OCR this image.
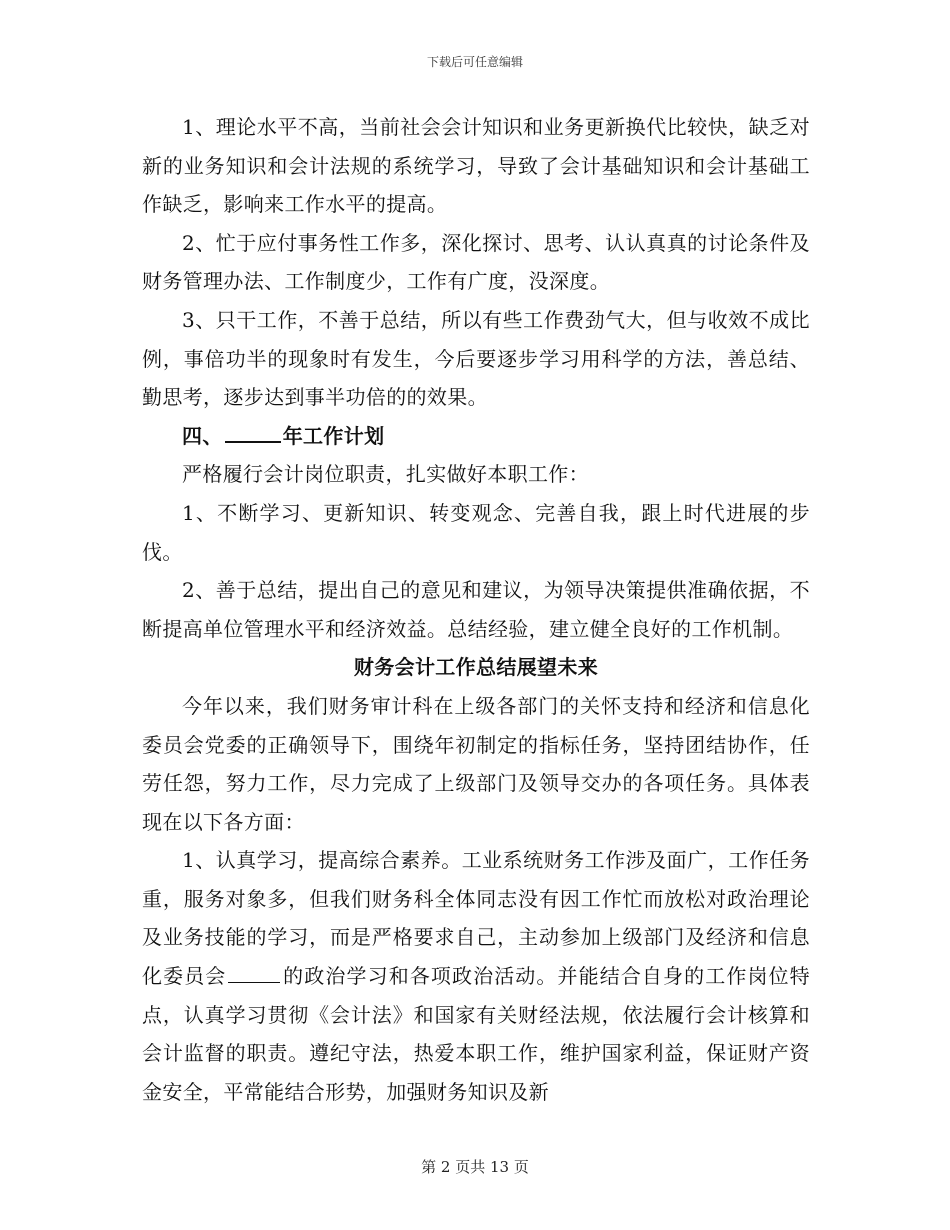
下载后可任意编辑

1、理论水平不高，当前社会会计知识和业务更新换代比较快，缺乏对新的业务知识和会计法规的系统学习，导致了会计基础知识和会计基础工作缺乏，影响来工作水平的提高。

2、忙于应付事务性工作多，深化探讨、思考、认认真真的讨论条件及财务管理办法、工作制度少，工作有广度，没深度。

3、只干工作，不善于总结，所以有些工作费劲气大，但与收效不成比例，事倍功半的现象时有发生，今后要逐步学习用科学的方法，善总结、勤思考，逐步达到事半功倍的的效果。

四、	年工作计划

严格履行会计岗位职责，扎实做好本职工作：

1、不断学习、更新知识、转变观念、完善自我，跟上时代进展的步伐。

2、善于总结，提出自己的意见和建议，为领导决策提供准确依据，不断提高单位管理水平和经济效益。总结经验，建立健全良好的工作机制。

财务会计工作总结展望未来

今年以来，我们财务审计科在上级各部门的关怀支持和经济和信息化委员会党委的正确领导下，围绕年初制定的指标任务，坚持团结协作，任劳任怨，努力工作，尽力完成了上级部门及领导交办的各项任务。具体表现在以下各方面：

1、认真学习，提高综合素养。工业系统财务工作涉及面广，工作任务重，服务对象多，但我们财务科全体同志没有因工作忙而放松对政治理论及业务技能的学习，而是严格要求自己，主动参加上级部门及经济和信息化委员会	的政治学习和各项政治活动。并能结合自身的工作岗位特点，认真学习贯彻《会计法》和国家有关财经法规，依法履行会计核算和会计监督的职责。遵纪守法，热爱本职工作，维护国家利益，保证财产资金安全，平常能结合形势，加强财务知识及新

第 2 页共 13 页
